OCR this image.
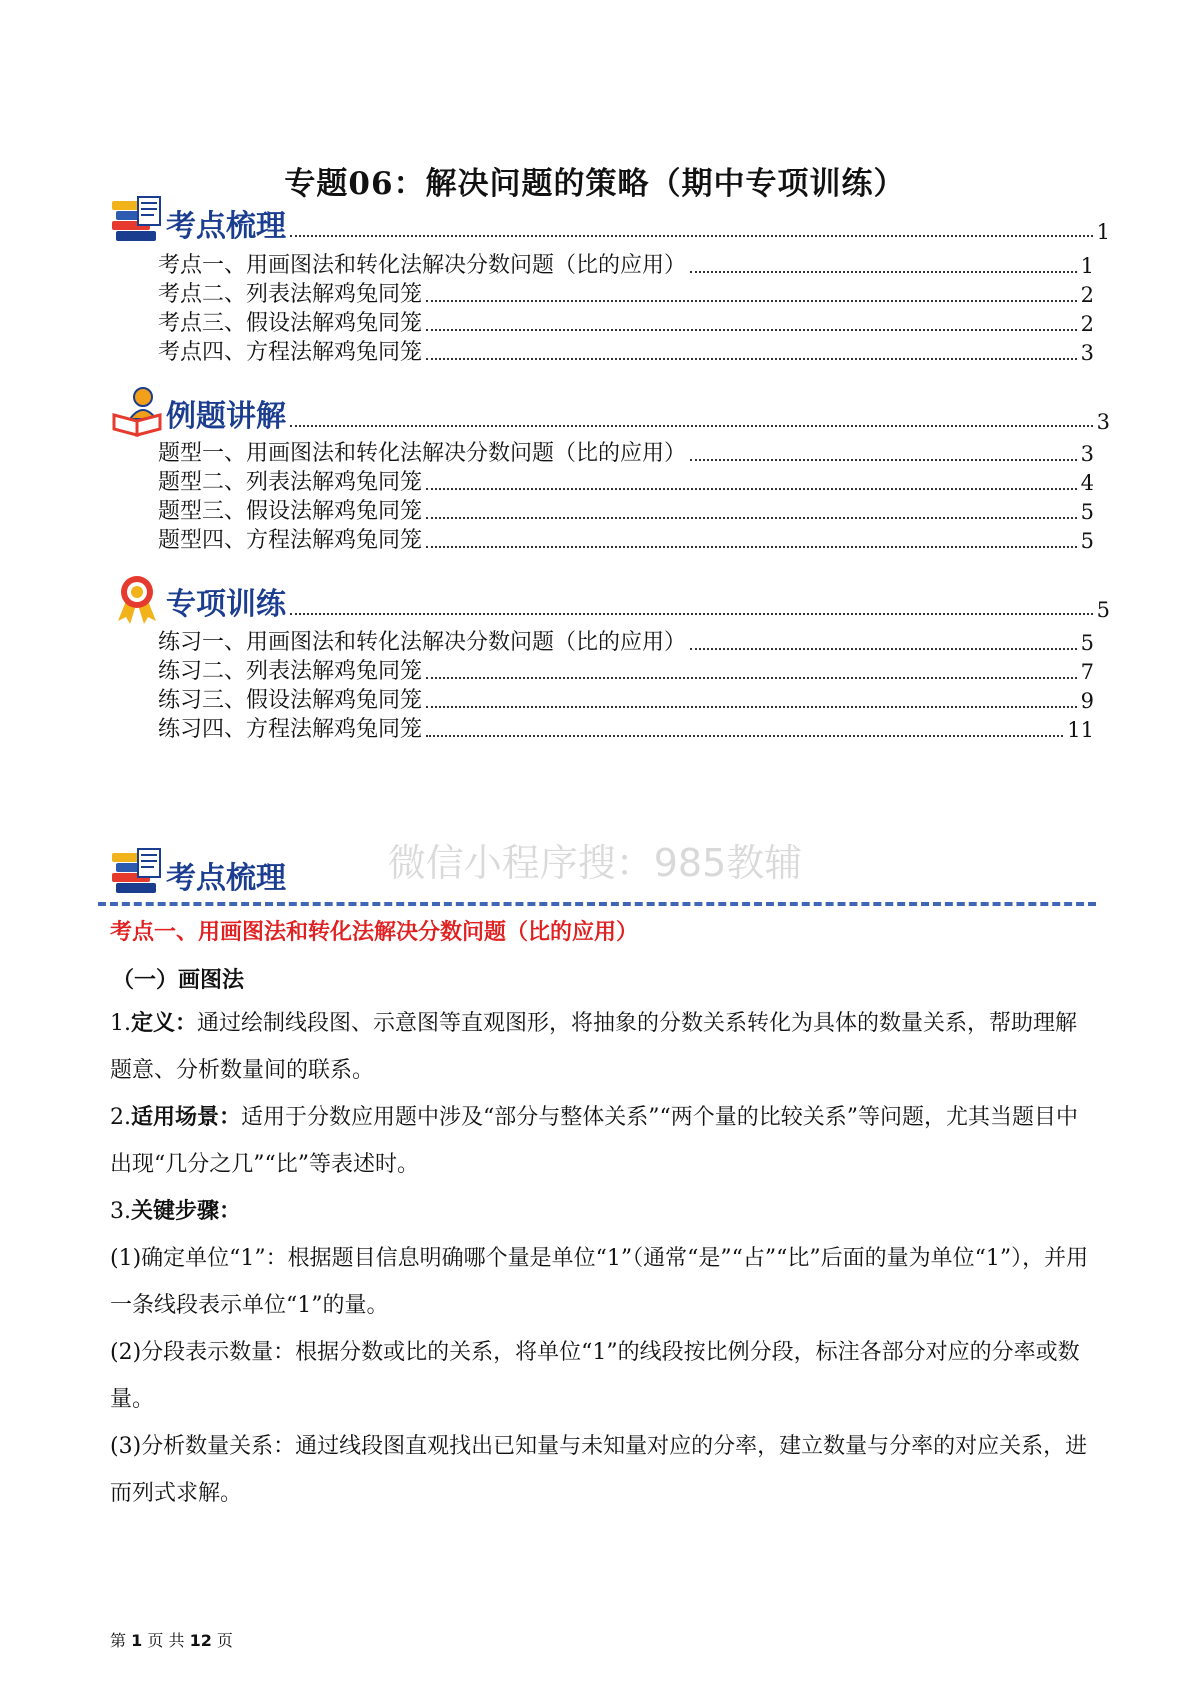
专题06：解决问题的策略（期中专项训练）
考点梳理	1
考点一、用画图法和转化法解决分数问题（比的应用）	1
考点二、列表法解鸡兔同笼	2
考点三、假设法解鸡兔同笼	2
考点四、方程法解鸡兔同笼	3
例题讲解	3
题型一、用画图法和转化法解决分数问题（比的应用）	3
题型二、列表法解鸡兔同笼	4
题型三、假设法解鸡兔同笼	5
题型四、方程法解鸡兔同笼	5
专项训练	5
练习一、用画图法和转化法解决分数问题（比的应用）	5
练习二、列表法解鸡兔同笼	7
练习三、假设法解鸡兔同笼	9
练习四、方程法解鸡兔同笼	11
微信小程序搜：985教辅
考点梳理
考点一、用画图法和转化法解决分数问题（比的应用）
（一）画图法

1.定义：通过绘制线段图、示意图等直观图形，将抽象的分数关系转化为具体的数量关系，帮助理解题意、分析数量间的联系。

2.适用场景：适用于分数应用题中涉及“部分与整体关系”“两个量的比较关系”等问题，尤其当题目中出现“几分之几”“比”等表述时。

3.关键步骤：

(1)确定单位“1”：根据题目信息明确哪个量是单位“1”（通常“是”“占”“比”后面的量为单位“1”），并用一条线段表示单位“1”的量。

(2)分段表示数量：根据分数或比的关系，将单位“1”的线段按比例分段，标注各部分对应的分率或数量。

(3)分析数量关系：通过线段图直观找出已知量与未知量对应的分率，建立数量与分率的对应关系，进而列式求解。

第 1 页 共 12 页
